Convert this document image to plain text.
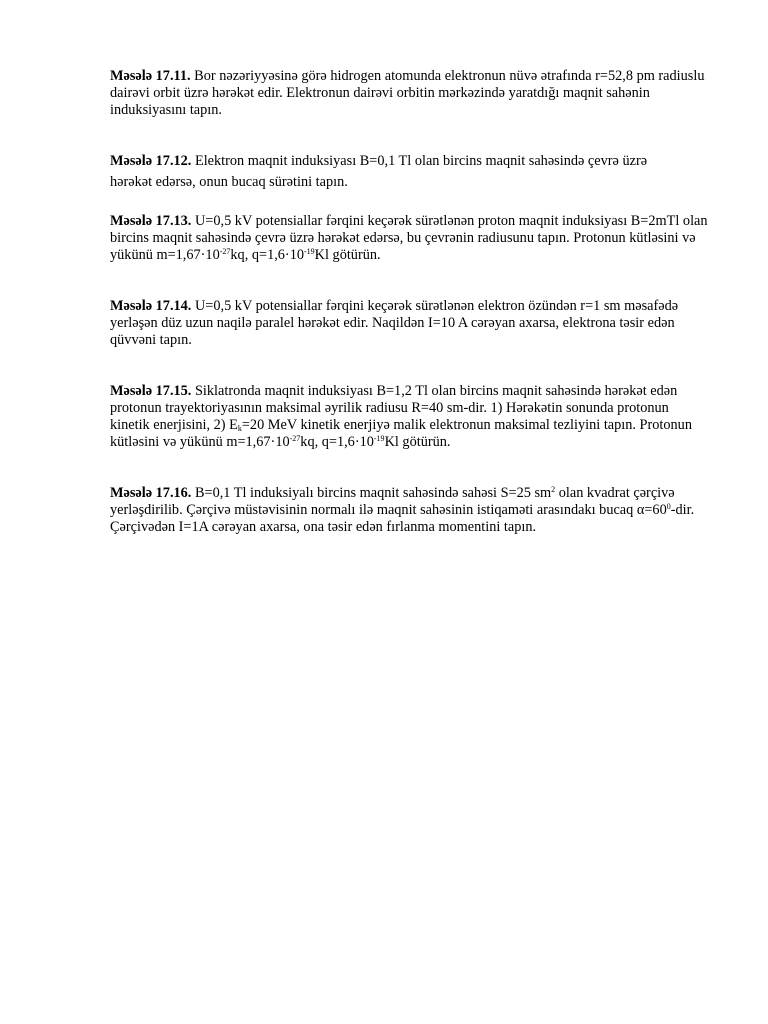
Məsələ 17.11. Bor nəzəriyyəsinə görə hidrogen atomunda elektronun nüvə ətrafında r=52,8 pm radiuslu dairəvi orbit üzrə hərəkət edir. Elektronun dairəvi orbitin mərkəzində yaratdığı maqnit sahənin induksiyasını tapın.

Məsələ 17.12. Elektron maqnit induksiyası B=0,1 Tl olan bircins maqnit sahəsində çevrə üzrə
hərəkət edərsə, onun bucaq sürətini tapın.

Məsələ 17.13. U=0,5 kV potensiallar fərqini keçərək sürətlənən proton maqnit induksiyası B=2mTl olan bircins maqnit sahəsində çevrə üzrə hərəkət edərsə, bu çevrənin radiusunu tapın. Protonun kütləsini və yükünü $m=1,67\cdot 10^{-27}kq$, $q=1,6\cdot 10^{-19}Kl$ götürün.

Məsələ 17.14. U=0,5 kV potensiallar fərqini keçərək sürətlənən elektron özündən r=1 sm məsafədə yerləşən düz uzun naqilə paralel hərəkət edir. Naqildən I=10 A cərəyan axarsa, elektrona təsir edən qüvvəni tapın.

Məsələ 17.15. Siklatronda maqnit induksiyası B=1,2 Tl olan bircins maqnit sahəsində hərəkət edən protonun trayektoriyasının maksimal əyrilik radiusu R=40 sm-dir. 1) Hərəkətin sonunda protonun kinetik enerjisini, 2) $E_k=20$ MeV kinetik enerjiyə malik elektronun maksimal tezliyini tapın. Protonun kütləsini və yükünü $m=1,67\cdot 10^{-27}kq$, $q=1,6\cdot 10^{-19}Kl$ götürün.

Məsələ 17.16. B=0,1 Tl induksiyalı bircins maqnit sahəsində sahəsi S=25 $sm^2$ olan kvadrat çərçivə yerləşdirilib. Çərçivə müstəvisinin normalı ilə maqnit sahəsinin istiqaməti arasındakı bucaq $\alpha=60^0$-dir. Çərçivədən I=1A cərəyan axarsa, ona təsir edən fırlanma momentini tapın.
